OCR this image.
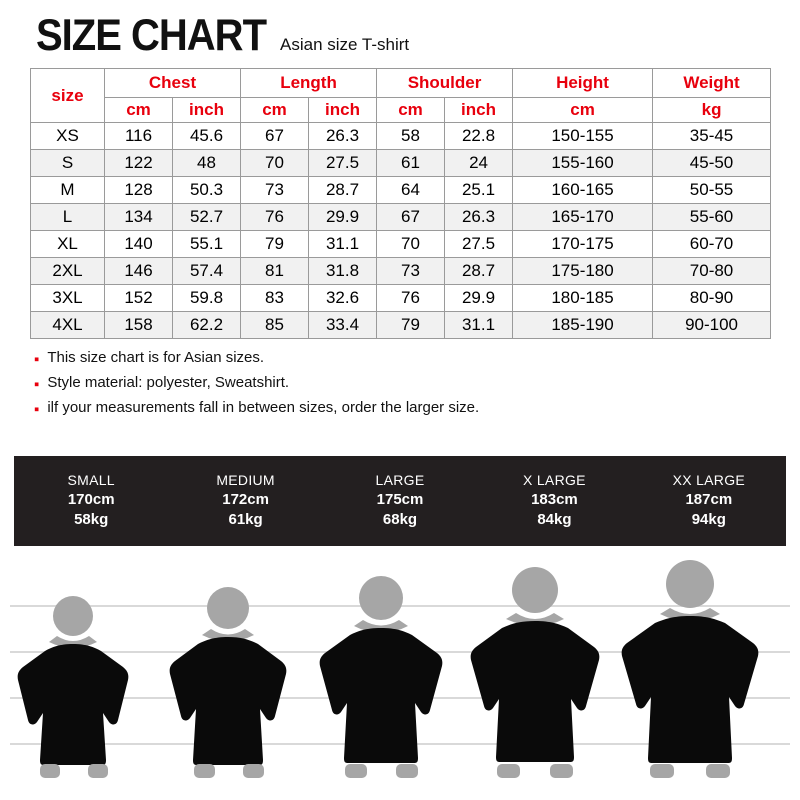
SIZE CHART Asian size T-shirt
size	Chest		Length		Shoulder		Height	Weight
	cm	inch	cm	inch	cm	inch	cm	kg
XS	116	45.6	67	26.3	58	22.8	150-155	35-45
S	122	48	70	27.5	61	24	155-160	45-50
M	128	50.3	73	28.7	64	25.1	160-165	50-55
L	134	52.7	76	29.9	67	26.3	165-170	55-60
XL	140	55.1	79	31.1	70	27.5	170-175	60-70
2XL	146	57.4	81	31.8	73	28.7	175-180	70-80
3XL	152	59.8	83	32.6	76	29.9	180-185	80-90
4XL	158	62.2	85	33.4	79	31.1	185-190	90-100
▪ This size chart is for Asian sizes.
▪ Style material: polyester, Sweatshirt.
▪ ilf your measurements fall in between sizes, order the larger size.
SMALL
170cm
58kg
MEDIUM
172cm
61kg
LARGE
175cm
68kg
X LARGE
183cm
84kg
XX LARGE
187cm
94kg
